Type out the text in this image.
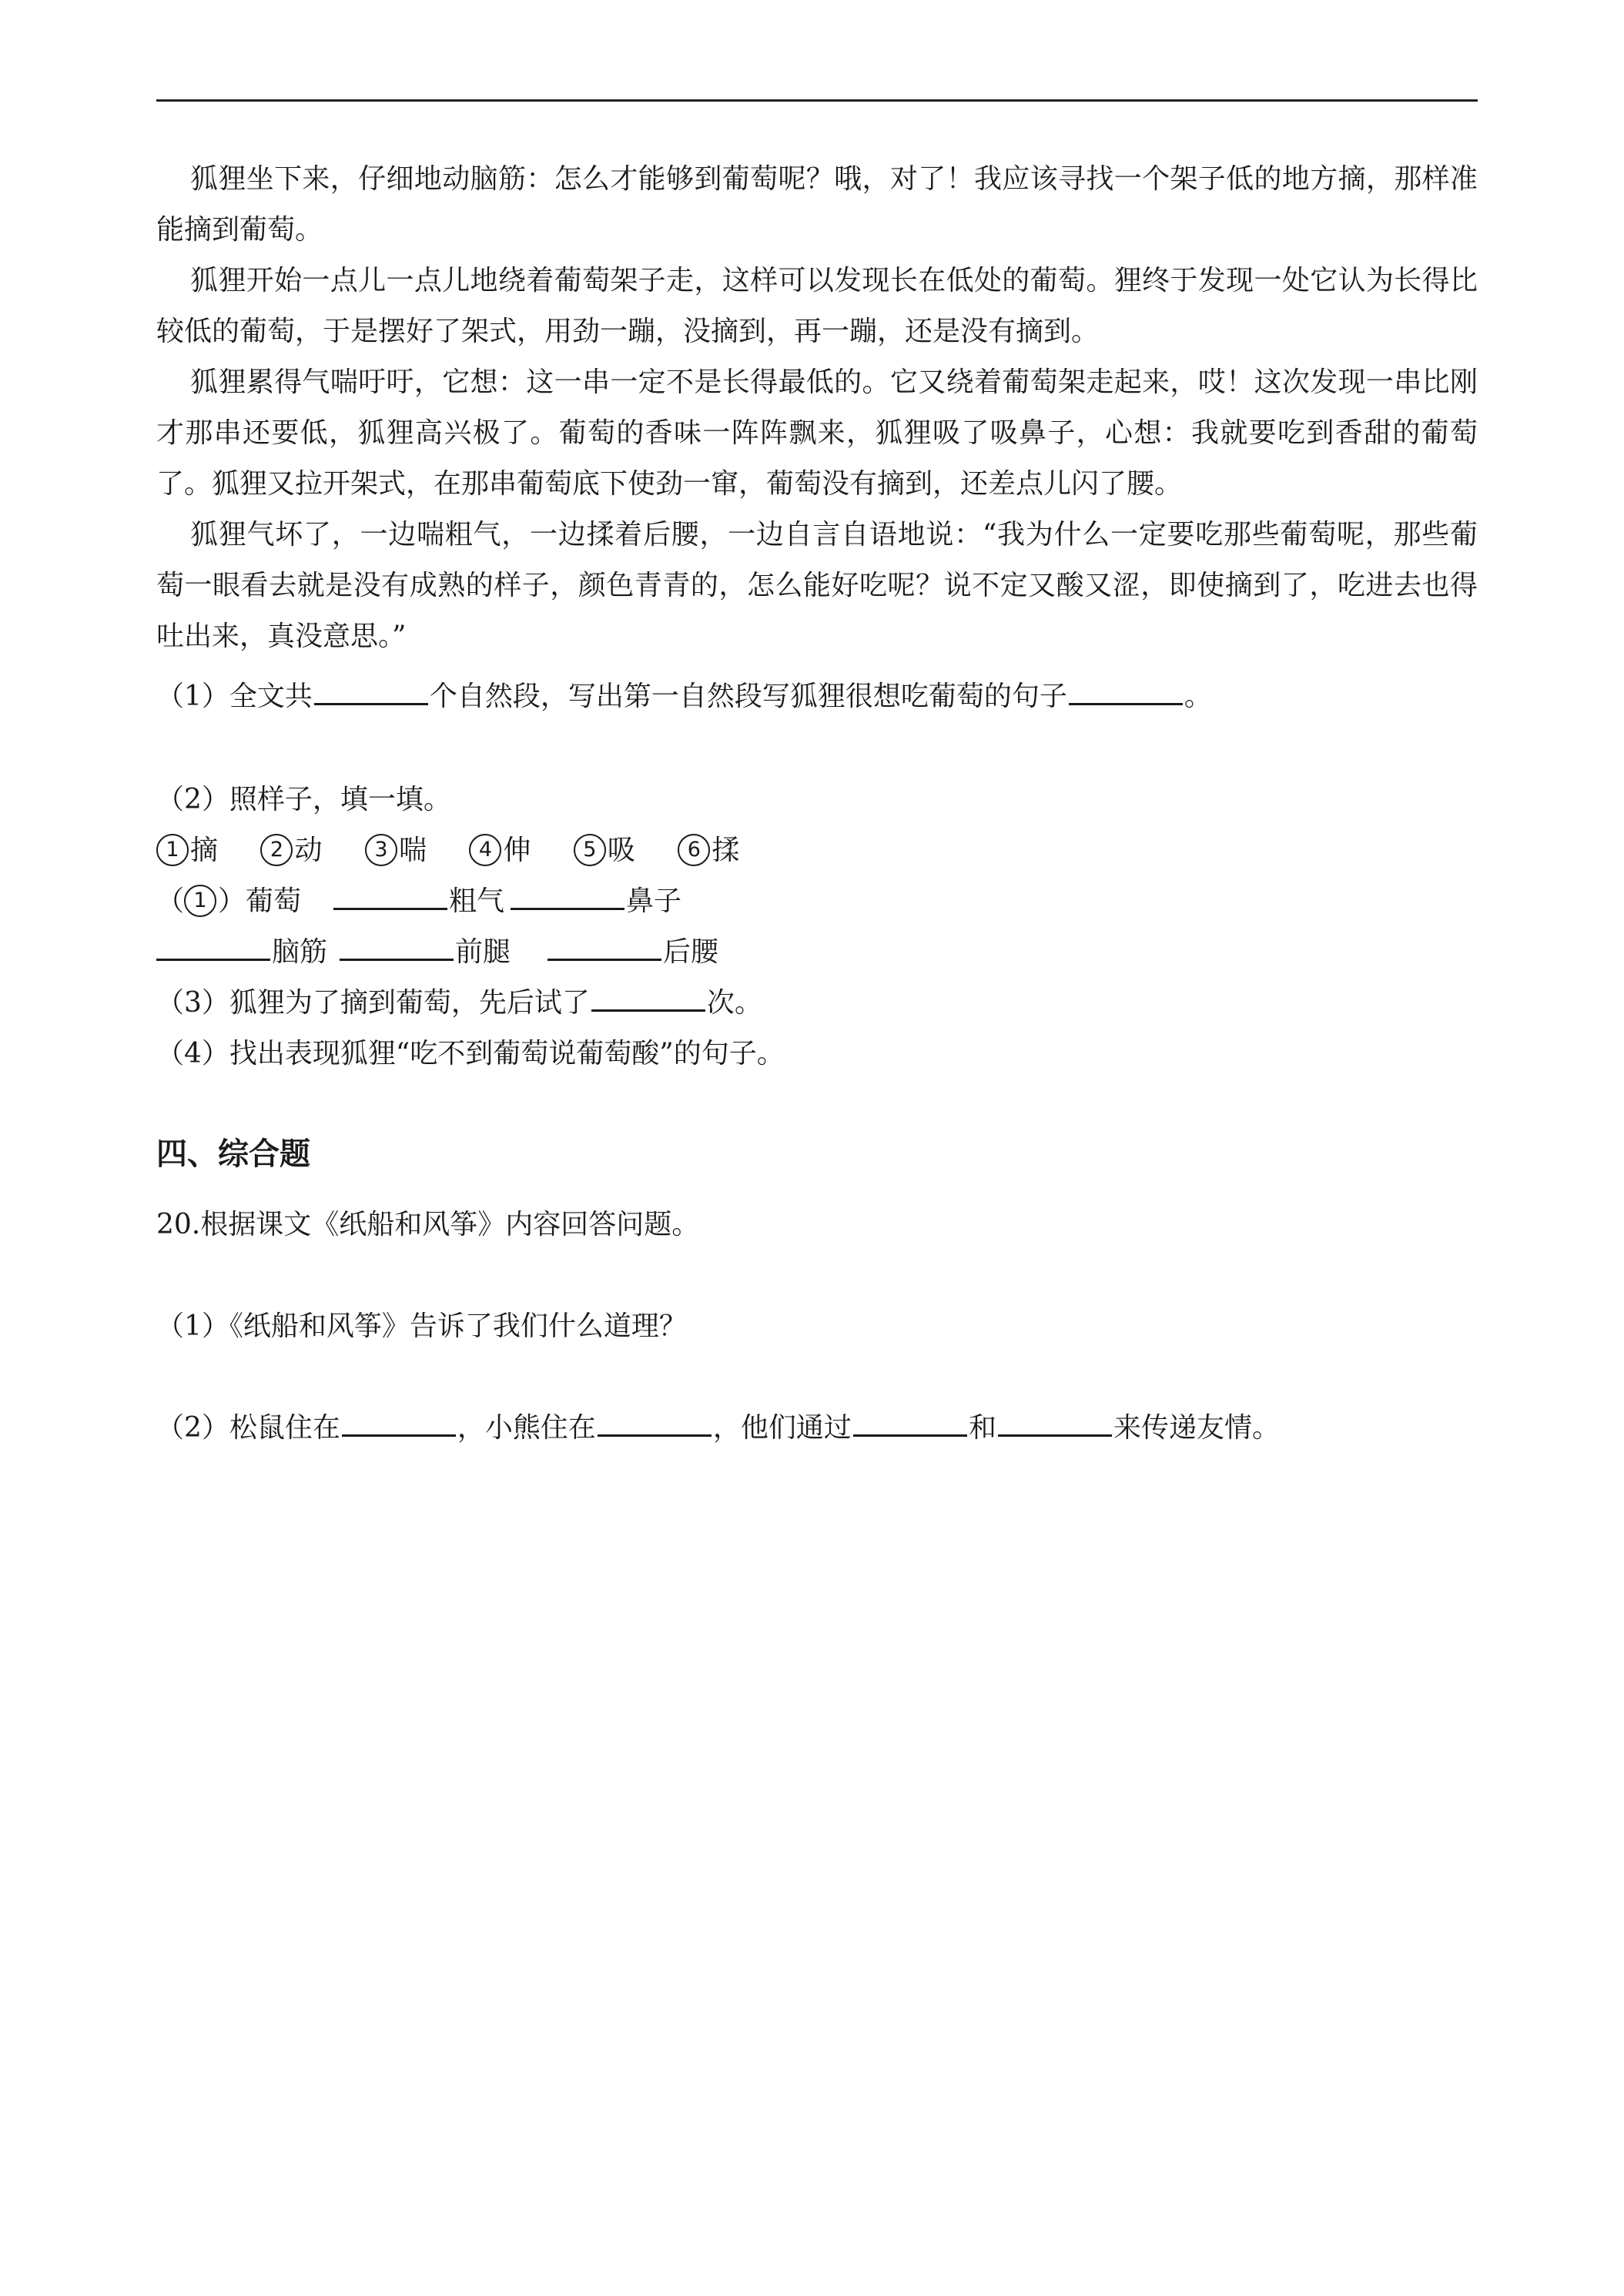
狐狸坐下来，仔细地动脑筋：怎么才能够到葡萄呢？哦，对了！我应该寻找一个架子低的地方摘，那样准能摘到葡萄。

狐狸开始一点儿一点儿地绕着葡萄架子走，这样可以发现长在低处的葡萄。狸终于发现一处它认为长得比较低的葡萄，于是摆好了架式，用劲一蹦，没摘到，再一蹦，还是没有摘到。

狐狸累得气喘吁吁，它想：这一串一定不是长得最低的。它又绕着葡萄架走起来，哎！这次发现一串比刚才那串还要低，狐狸高兴极了。葡萄的香味一阵阵飘来，狐狸吸了吸鼻子，心想：我就要吃到香甜的葡萄了。狐狸又拉开架式，在那串葡萄底下使劲一窜，葡萄没有摘到，还差点儿闪了腰。

狐狸气坏了，一边喘粗气，一边揉着后腰，一边自言自语地说：“我为什么一定要吃那些葡萄呢，那些葡萄一眼看去就是没有成熟的样子，颜色青青的，怎么能好吃呢？说不定又酸又涩，即使摘到了，吃进去也得吐出来，真没意思。”

（1）全文共	个自然段，写出第一自然段写狐狸很想吃葡萄的句子	。
（2）照样子，填一填。
1 摘	2 动	3 喘	4 伸	5 吸	6 揉
（ 1 ）葡萄	粗气	鼻子
脑筋	前腿	后腰
（3）狐狸为了摘到葡萄，先后试了	次。
（4）找出表现狐狸“吃不到葡萄说葡萄酸”的句子。
四、综合题
20.根据课文《纸船和风筝》内容回答问题。
（1）《纸船和风筝》告诉了我们什么道理？
（2）松鼠住在	，小熊住在	，他们通过	和	来传递友情。
